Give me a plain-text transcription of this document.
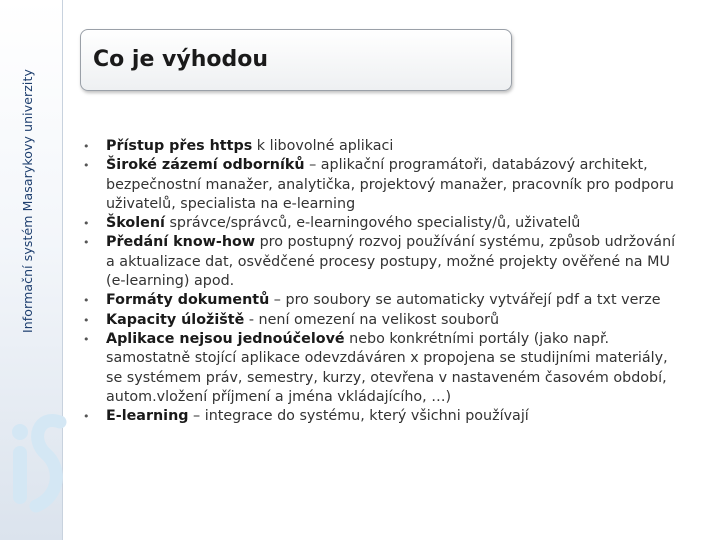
Informační systém Masarykovy univerzity
Co je výhodou
• Přístup přes https k libovolné aplikaci
• Široké zázemí odborníků – aplikační programátoři, databázový architekt, bezpečnostní manažer, analytička, projektový manažer, pracovník pro podporu uživatelů, specialista na e-learning
• Školení správce/správců, e-learningového specialisty/ů, uživatelů
• Předání know-how pro postupný rozvoj používání systému, způsob udržování a aktualizace dat, osvědčené procesy postupy, možné projekty ověřené na MU (e-learning) apod.
• Formáty dokumentů – pro soubory se automaticky vytvářejí pdf a txt verze
• Kapacity úložiště - není omezení na velikost souborů
• Aplikace nejsou jednoúčelové nebo konkrétními portály (jako např. samostatně stojící aplikace odevzdáváren x propojena se studijními materiály, se systémem práv, semestry, kurzy, otevřena v nastaveném časovém období, autom.vložení příjmení a jména vkládajícího, …)
• E-learning – integrace do systému, který všichni používají
